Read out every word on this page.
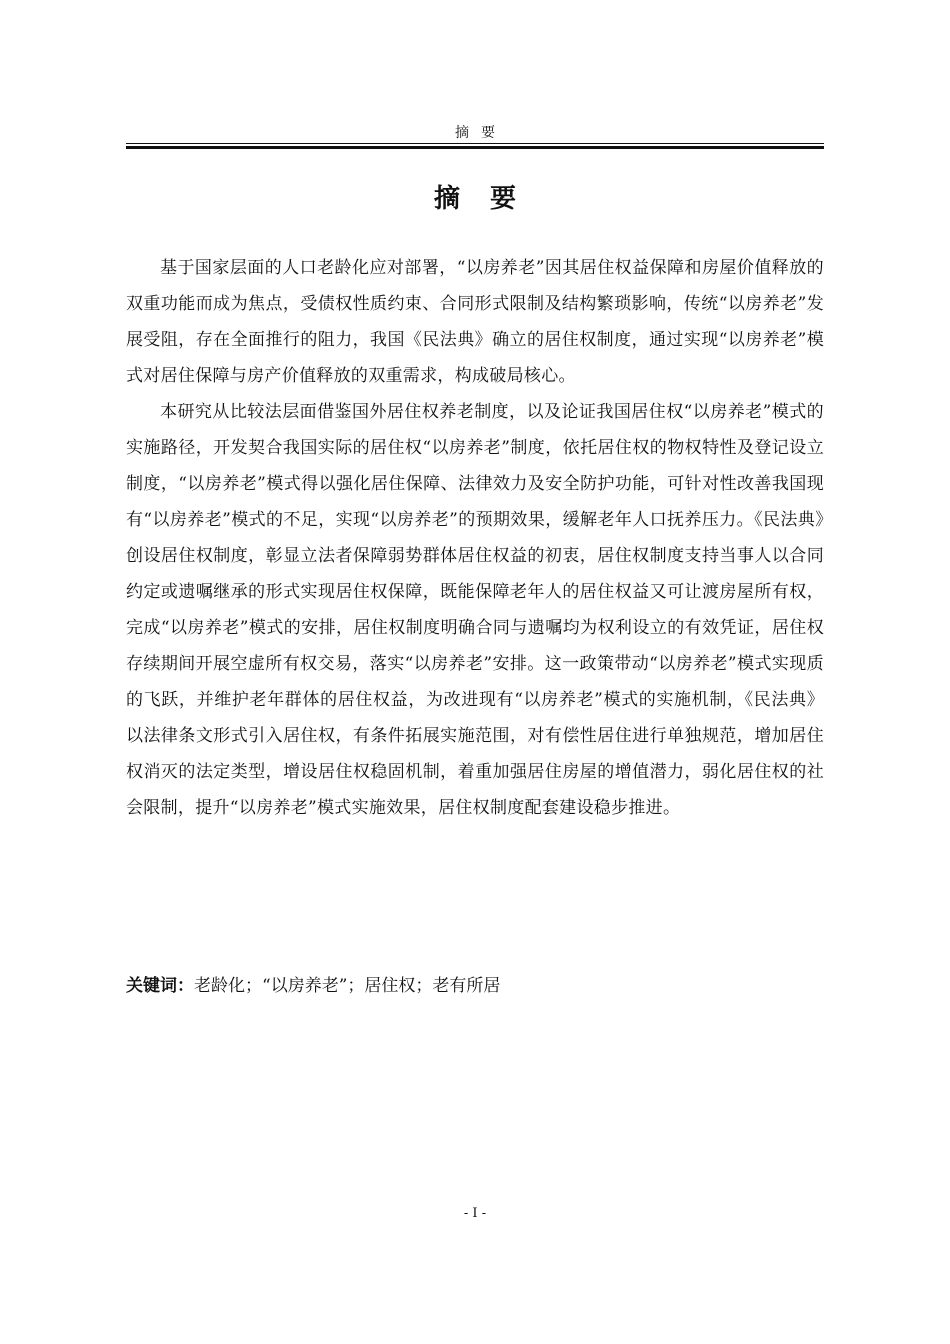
摘要
摘要

基于国家层面的人口老龄化应对部署，“以房养老”因其居住权益保障和房屋价值释放的双重功能而成为焦点，受债权性质约束、合同形式限制及结构繁琐影响，传统“以房养老”发展受阻，存在全面推行的阻力，我国《民法典》确立的居住权制度，通过实现“以房养老”模式对居住保障与房产价值释放的双重需求，构成破局核心。

本研究从比较法层面借鉴国外居住权养老制度，以及论证我国居住权“以房养老”模式的实施路径，开发契合我国实际的居住权“以房养老”制度，依托居住权的物权特性及登记设立制度，“以房养老”模式得以强化居住保障、法律效力及安全防护功能，可针对性改善我国现有“以房养老”模式的不足，实现“以房养老”的预期效果，缓解老年人口抚养压力。《民法典》创设居住权制度，彰显立法者保障弱势群体居住权益的初衷，居住权制度支持当事人以合同约定或遗嘱继承的形式实现居住权保障，既能保障老年人的居住权益又可让渡房屋所有权，完成“以房养老”模式的安排，居住权制度明确合同与遗嘱均为权利设立的有效凭证，居住权存续期间开展空虚所有权交易，落实“以房养老”安排。这一政策带动“以房养老”模式实现质的飞跃，并维护老年群体的居住权益，为改进现有“以房养老”模式的实施机制，《民法典》以法律条文形式引入居住权，有条件拓展实施范围，对有偿性居住进行单独规范，增加居住权消灭的法定类型，增设居住权稳固机制，着重加强居住房屋的增值潜力，弱化居住权的社会限制，提升“以房养老”模式实施效果，居住权制度配套建设稳步推进。

关键词：老龄化；“以房养老”；居住权；老有所居
- I -
